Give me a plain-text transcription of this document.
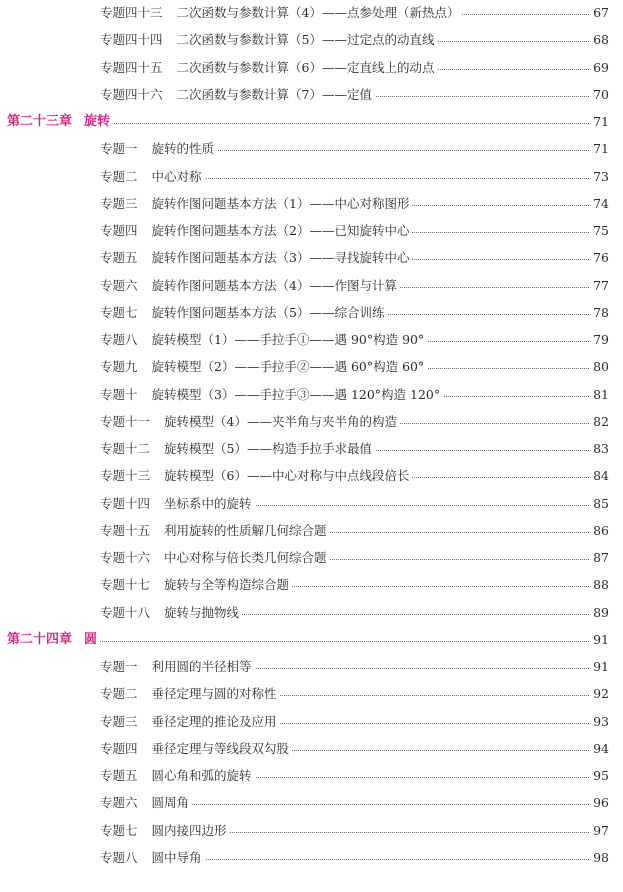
专题四十三 二次函数与参数计算（4）——点参处理（新热点）	67
专题四十四 二次函数与参数计算（5）——过定点的动直线	68
专题四十五 二次函数与参数计算（6）——定直线上的动点	69
专题四十六 二次函数与参数计算（7）——定值	70
第二十三章 旋转	71
专题一 旋转的性质	71
专题二 中心对称	73
专题三 旋转作图问题基本方法（1）——中心对称图形	74
专题四 旋转作图问题基本方法（2）——已知旋转中心	75
专题五 旋转作图问题基本方法（3）——寻找旋转中心	76
专题六 旋转作图问题基本方法（4）——作图与计算	77
专题七 旋转作图问题基本方法（5）——综合训练	78
专题八 旋转模型（1）——手拉手①——遇 90°构造 90°	79
专题九 旋转模型（2）——手拉手②——遇 60°构造 60°	80
专题十 旋转模型（3）——手拉手③——遇 120°构造 120°	81
专题十一 旋转模型（4）——夹半角与夹半角的构造	82
专题十二 旋转模型（5）——构造手拉手求最值	83
专题十三 旋转模型（6）——中心对称与中点线段倍长	84
专题十四 坐标系中的旋转	85
专题十五 利用旋转的性质解几何综合题	86
专题十六 中心对称与倍长类几何综合题	87
专题十七 旋转与全等构造综合题	88
专题十八 旋转与抛物线	89
第二十四章 圆	91
专题一 利用圆的半径相等	91
专题二 垂径定理与圆的对称性	92
专题三 垂径定理的推论及应用	93
专题四 垂径定理与等线段双勾股	94
专题五 圆心角和弧的旋转	95
专题六 圆周角	96
专题七 圆内接四边形	97
专题八 圆中导角	98
